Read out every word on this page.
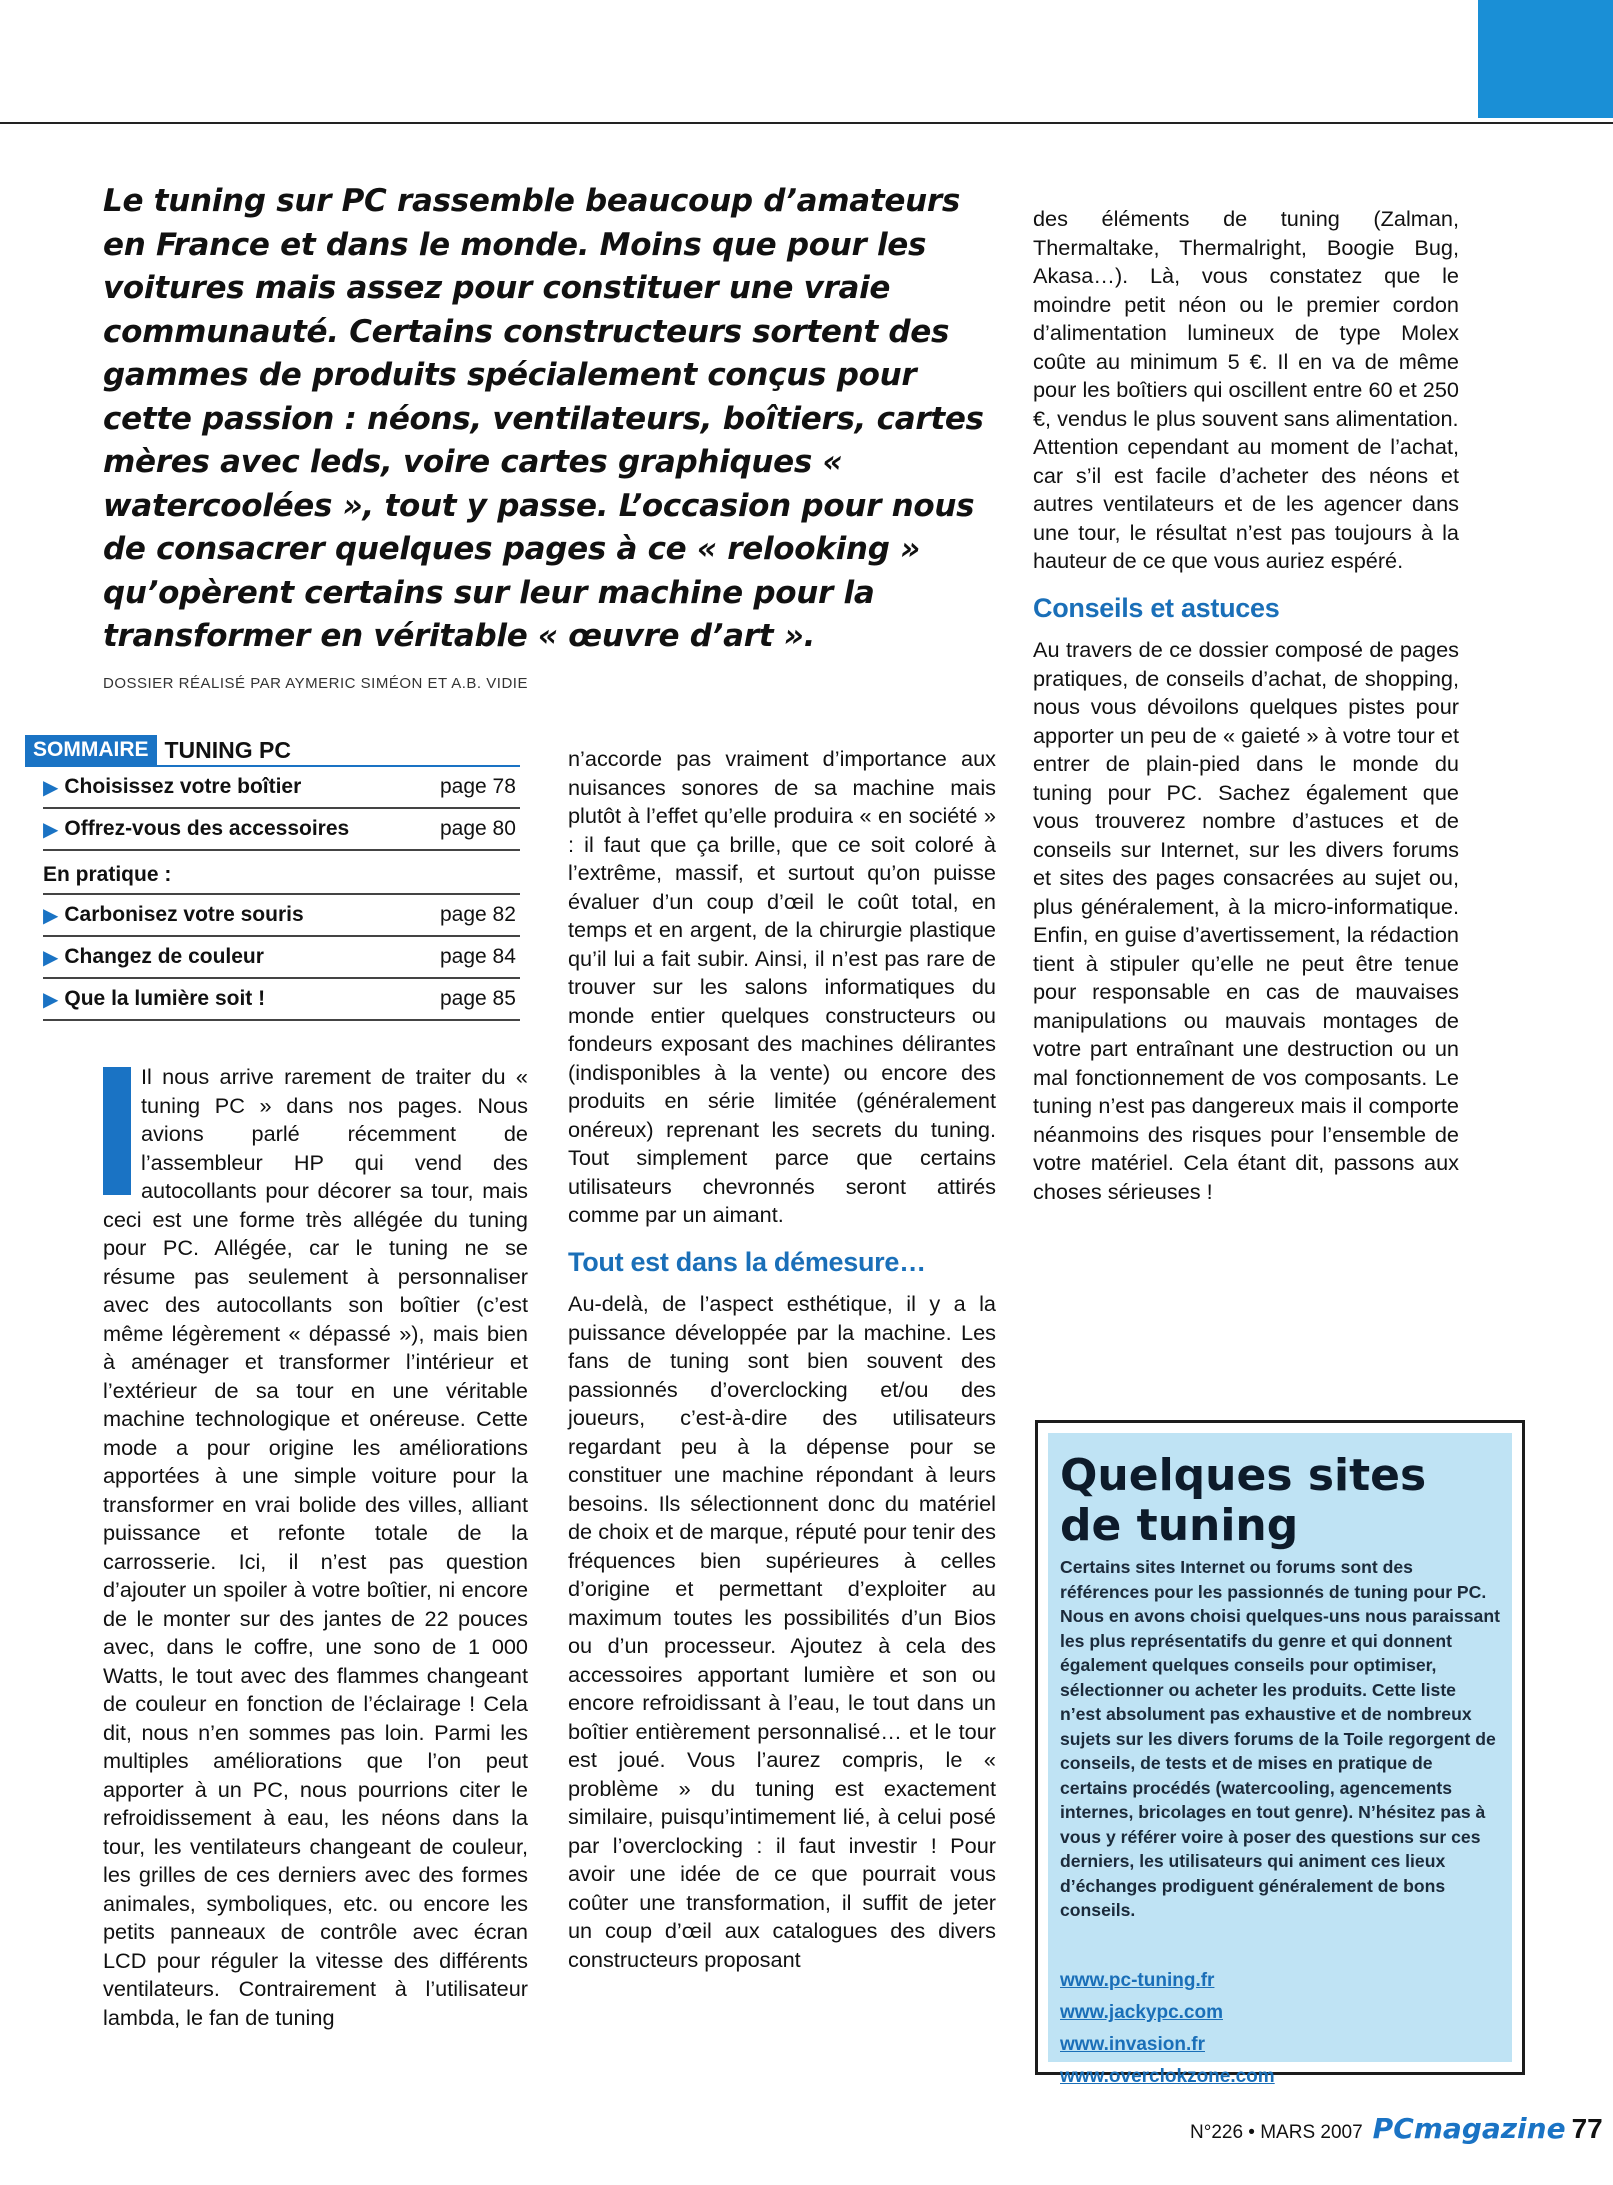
Le tuning sur PC rassemble beaucoup d’amateurs en France et dans le monde. Moins que pour les voitures mais assez pour constituer une vraie communauté. Certains constructeurs sortent des gammes de produits spécialement conçus pour cette passion : néons, ventilateurs, boîtiers, cartes mères avec leds, voire cartes graphiques « watercoolées », tout y passe. L’occasion pour nous de consacrer quelques pages à ce « relooking » qu’opèrent certains sur leur machine pour la transformer en véritable « œuvre d’art ».
DOSSIER RÉALISÉ PAR AYMERIC SIMÉON ET A.B. VIDIE
SOMMAIRE TUNING PC
▶ Choisissez votre boîtier	page 78
▶ Offrez-vous des accessoires	page 80
En pratique :
▶ Carbonisez votre souris	page 82
▶ Changez de couleur	page 84
▶ Que la lumière soit !	page 85

Il nous arrive rarement de traiter du « tuning PC » dans nos pages. Nous avions parlé récemment de l’assembleur HP qui vend des autocollants pour décorer sa tour, mais ceci est une forme très allégée du tuning pour PC. Allégée, car le tuning ne se résume pas seulement à personnaliser avec des autocollants son boîtier (c’est même légèrement « dépassé »), mais bien à aménager et transformer l’intérieur et l’extérieur de sa tour en une véritable machine technologique et onéreuse. Cette mode a pour origine les améliorations apportées à une simple voiture pour la transformer en vrai bolide des villes, alliant puissance et refonte totale de la carrosserie. Ici, il n’est pas question d’ajouter un spoiler à votre boîtier, ni encore de le monter sur des jantes de 22 pouces avec, dans le coffre, une sono de 1 000 Watts, le tout avec des flammes changeant de couleur en fonction de l’éclairage ! Cela dit, nous n’en sommes pas loin. Parmi les multiples améliorations que l’on peut apporter à un PC, nous pourrions citer le refroidissement à eau, les néons dans la tour, les ventilateurs changeant de couleur, les grilles de ces derniers avec des formes animales, symboliques, etc. ou encore les petits panneaux de contrôle avec écran LCD pour réguler la vitesse des différents ventilateurs. Contrairement à l’utilisateur lambda, le fan de tuning

n’accorde pas vraiment d’importance aux nuisances sonores de sa machine mais plutôt à l’effet qu’elle produira « en société » : il faut que ça brille, que ce soit coloré à l’extrême, massif, et surtout qu’on puisse évaluer d’un coup d’œil le coût total, en temps et en argent, de la chirurgie plastique qu’il lui a fait subir. Ainsi, il n’est pas rare de trouver sur les salons informatiques du monde entier quelques constructeurs ou fondeurs exposant des machines délirantes (indisponibles à la vente) ou encore des produits en série limitée (généralement onéreux) reprenant les secrets du tuning. Tout simplement parce que certains utilisateurs chevronnés seront attirés comme par un aimant.

Tout est dans la démesure…

Au-delà, de l’aspect esthétique, il y a la puissance développée par la machine. Les fans de tuning sont bien souvent des passionnés d’overclocking et/ou des joueurs, c’est-à-dire des utilisateurs regardant peu à la dépense pour se constituer une machine répondant à leurs besoins. Ils sélectionnent donc du matériel de choix et de marque, réputé pour tenir des fréquences bien supérieures à celles d’origine et permettant d’exploiter au maximum toutes les possibilités d’un Bios ou d’un processeur. Ajoutez à cela des accessoires apportant lumière et son ou encore refroidissant à l’eau, le tout dans un boîtier entièrement personnalisé… et le tour est joué. Vous l’aurez compris, le « problème » du tuning est exactement similaire, puisqu’intimement lié, à celui posé par l’overclocking : il faut investir ! Pour avoir une idée de ce que pourrait vous coûter une transformation, il suffit de jeter un coup d’œil aux catalogues des divers constructeurs proposant

des éléments de tuning (Zalman, Thermaltake, Thermalright, Boogie Bug, Akasa…). Là, vous constatez que le moindre petit néon ou le premier cordon d’alimentation lumineux de type Molex coûte au minimum 5 €. Il en va de même pour les boîtiers qui oscillent entre 60 et 250 €, vendus le plus souvent sans alimentation.

Attention cependant au moment de l’achat, car s’il est facile d’acheter des néons et autres ventilateurs et de les agencer dans une tour, le résultat n’est pas toujours à la hauteur de ce que vous auriez espéré.

Conseils et astuces

Au travers de ce dossier composé de pages pratiques, de conseils d’achat, de shopping, nous vous dévoilons quelques pistes pour apporter un peu de « gaieté » à votre tour et entrer de plain-pied dans le monde du tuning pour PC. Sachez également que vous trouverez nombre d’astuces et de conseils sur Internet, sur les divers forums et sites des pages consacrées au sujet ou, plus généralement, à la micro-informatique. Enfin, en guise d’avertissement, la rédaction tient à stipuler qu’elle ne peut être tenue pour responsable en cas de mauvaises manipulations ou mauvais montages de votre part entraînant une destruction ou un mal fonctionnement de vos composants. Le tuning n’est pas dangereux mais il comporte néanmoins des risques pour l’ensemble de votre matériel. Cela étant dit, passons aux choses sérieuses !

Quelques sites
de tuning
Certains sites Internet ou forums sont des références pour les passionnés de tuning pour PC. Nous en avons choisi quelques-uns nous paraissant les plus représentatifs du genre et qui donnent également quelques conseils pour optimiser, sélectionner ou acheter les produits. Cette liste n’est absolument pas exhaustive et de nombreux sujets sur les divers forums de la Toile regorgent de conseils, de tests et de mises en pratique de certains procédés (watercooling, agencements internes, bricolages en tout genre). N’hésitez pas à vous y référer voire à poser des questions sur ces derniers, les utilisateurs qui animent ces lieux d’échanges prodiguent généralement de bons conseils.
www.pc-tuning.fr
www.jackypc.com
www.invasion.fr
www.overclokzone.com
N°226 • MARS 2007 PCmagazine 77
